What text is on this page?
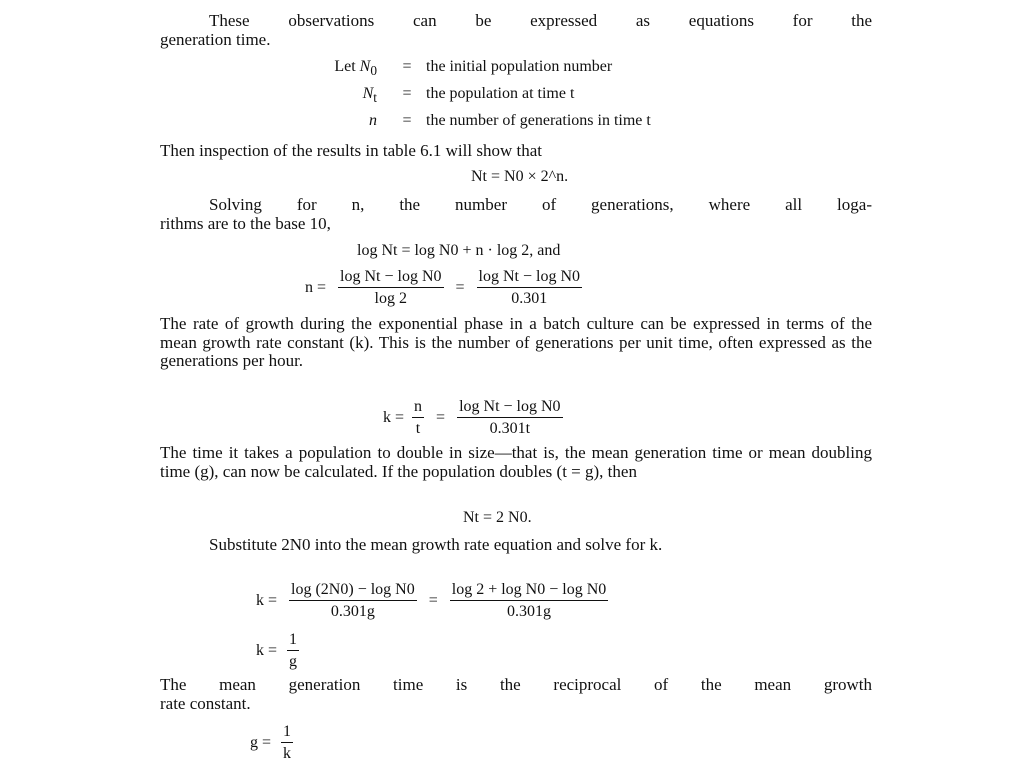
These observations can be expressed as equations for the
generation time.
Let $N_0$	= the initial population number
$N_t$	= the population at time t
n	= the number of generations in time t
Then inspection of the results in table 6.1 will show that
Nt = N0 × 2^n.
Solving for n, the number of generations, where all loga-
rithms are to the base 10,
log Nt = log N0 + n · log 2, and
$n = \frac{\text{log Nt − log N0}}{\log 2} = \frac{\text{log Nt − log N0}}{0.301}$
The rate of growth during the exponential phase in a batch culture can be expressed in terms of the mean growth rate constant (k). This is the number of generations per unit time, often expressed as the generations per hour.
$k = \frac{n}{t} = \frac{\text{log Nt − log N0}}{0.301t}$
The time it takes a population to double in size—that is, the mean generation time or mean doubling time (g), can now be calculated. If the population doubles (t = g), then
Nt = 2 N0.
Substitute 2N0 into the mean growth rate equation and solve for k.
$k = \frac{\text{log (2N0) − log N0}}{0.301g} = \frac{\text{log 2 + log N0 − log N0}}{0.301g}$
$k = \frac{1}{g}$
The mean generation time is the reciprocal of the mean growth
rate constant.
$g = \frac{1}{k}$
